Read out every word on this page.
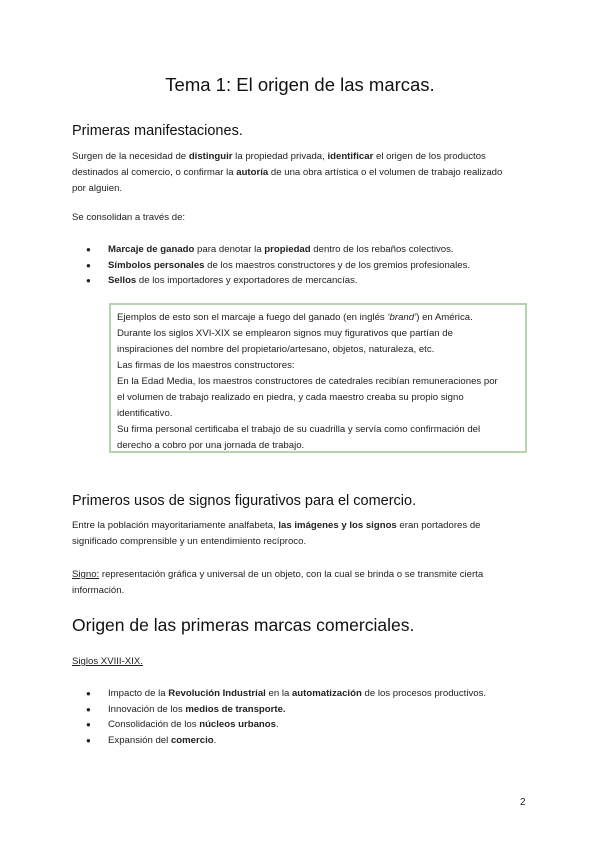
Tema 1: El origen de las marcas.
Primeras manifestaciones.

Surgen de la necesidad de distinguir la propiedad privada, identificar el origen de los productos
destinados al comercio, o confirmar la autoría de una obra artística o el volumen de trabajo realizado
por alguien.

Se consolidan a través de:

● Marcaje de ganado para denotar la propiedad dentro de los rebaños colectivos.
● Símbolos personales de los maestros constructores y de los gremios profesionales.
● Sellos de los importadores y exportadores de mercancías.
Ejemplos de esto son el marcaje a fuego del ganado (en inglés ‘brand’) en América.
Durante los siglos XVI-XIX se emplearon signos muy figurativos que partían de
inspiraciones del nombre del propietario/artesano, objetos, naturaleza, etc.
Las firmas de los maestros constructores:
En la Edad Media, los maestros constructores de catedrales recibían remuneraciones por
el volumen de trabajo realizado en piedra, y cada maestro creaba su propio signo
identificativo.
Su firma personal certificaba el trabajo de su cuadrilla y servía como confirmación del
derecho a cobro por una jornada de trabajo.
Primeros usos de signos figurativos para el comercio.

Entre la población mayoritariamente analfabeta, las imágenes y los signos eran portadores de
significado comprensible y un entendimiento recíproco.

Signo: representación gráfica y universal de un objeto, con la cual se brinda o se transmite cierta
información.

Origen de las primeras marcas comerciales.

Siglos XVIII-XIX.

● Impacto de la Revolución Industrial en la automatización de los procesos productivos.
● Innovación de los medios de transporte.
● Consolidación de los núcleos urbanos.
● Expansión del comercio.
2
